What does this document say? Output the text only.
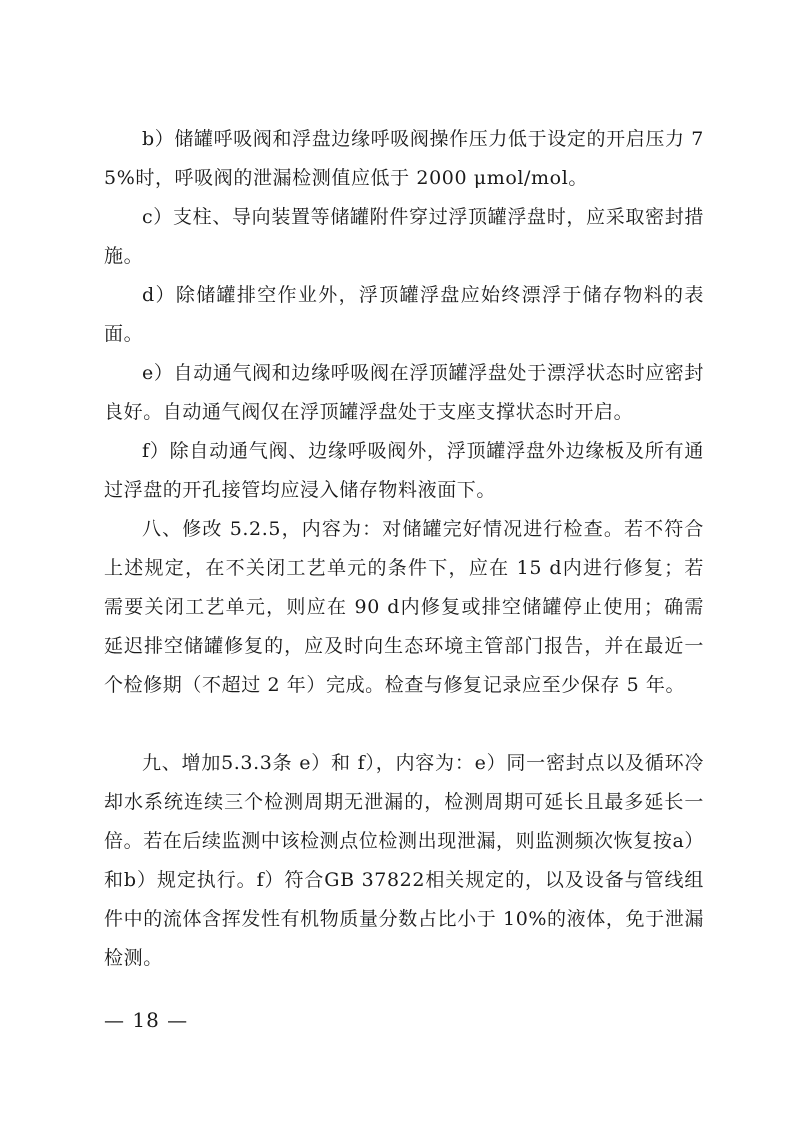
b）储罐呼吸阀和浮盘边缘呼吸阀操作压力低于设定的开启压力 75%时，呼吸阀的泄漏检测值应低于 2000 μmol/mol。

c）支柱、导向装置等储罐附件穿过浮顶罐浮盘时，应采取密封措施。

d）除储罐排空作业外，浮顶罐浮盘应始终漂浮于储存物料的表面。

e）自动通气阀和边缘呼吸阀在浮顶罐浮盘处于漂浮状态时应密封良好。自动通气阀仅在浮顶罐浮盘处于支座支撑状态时开启。

f）除自动通气阀、边缘呼吸阀外，浮顶罐浮盘外边缘板及所有通过浮盘的开孔接管均应浸入储存物料液面下。

八、修改 5.2.5，内容为：对储罐完好情况进行检查。若不符合上述规定，在不关闭工艺单元的条件下，应在 15 d内进行修复；若需要关闭工艺单元，则应在 90 d内修复或排空储罐停止使用；确需延迟排空储罐修复的，应及时向生态环境主管部门报告，并在最近一个检修期（不超过 2 年）完成。检查与修复记录应至少保存 5 年。

九、增加5.3.3条 e）和 f），内容为：e）同一密封点以及循环冷却水系统连续三个检测周期无泄漏的，检测周期可延长且最多延长一倍。若在后续监测中该检测点位检测出现泄漏，则监测频次恢复按a）和b）规定执行。f）符合GB 37822相关规定的，以及设备与管线组件中的流体含挥发性有机物质量分数占比小于 10%的液体，免于泄漏检测。

— 18 —
